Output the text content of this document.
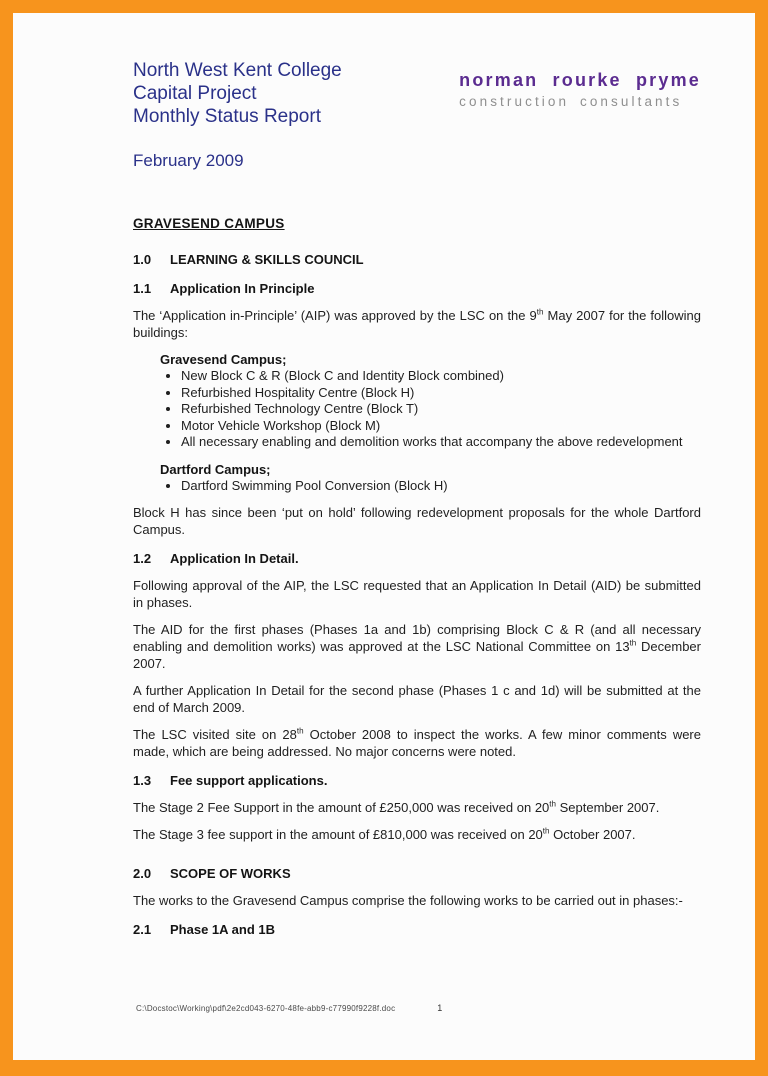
North West Kent College
Capital Project
Monthly Status Report
norman rourke pryme
construction consultants
February 2009
GRAVESEND CAMPUS
1.0 LEARNING & SKILLS COUNCIL
1.1 Application In Principle

The ‘Application in-Principle’ (AIP) was approved by the LSC on the 9th May 2007 for the following buildings:

Gravesend Campus;
• New Block C & R (Block C and Identity Block combined)
• Refurbished Hospitality Centre (Block H)
• Refurbished Technology Centre (Block T)
• Motor Vehicle Workshop (Block M)
• All necessary enabling and demolition works that accompany the above redevelopment
Dartford Campus;
• Dartford Swimming Pool Conversion (Block H)

Block H has since been ‘put on hold’ following redevelopment proposals for the whole Dartford Campus.

1.2 Application In Detail.

Following approval of the AIP, the LSC requested that an Application In Detail (AID) be submitted in phases.

The AID for the first phases (Phases 1a and 1b) comprising Block C & R (and all necessary enabling and demolition works) was approved at the LSC National Committee on 13th December 2007.

A further Application In Detail for the second phase (Phases 1 c and 1d) will be submitted at the end of March 2009.

The LSC visited site on 28th October 2008 to inspect the works. A few minor comments were made, which are being addressed. No major concerns were noted.

1.3 Fee support applications.

The Stage 2 Fee Support in the amount of £250,000 was received on 20th September 2007.

The Stage 3 fee support in the amount of £810,000 was received on 20th October 2007.

2.0 SCOPE OF WORKS

The works to the Gravesend Campus comprise the following works to be carried out in phases:-

2.1 Phase 1A and 1B
C:\Docstoc\Working\pdf\2e2cd043-6270-48fe-abb9-c77990f9228f.doc	1
